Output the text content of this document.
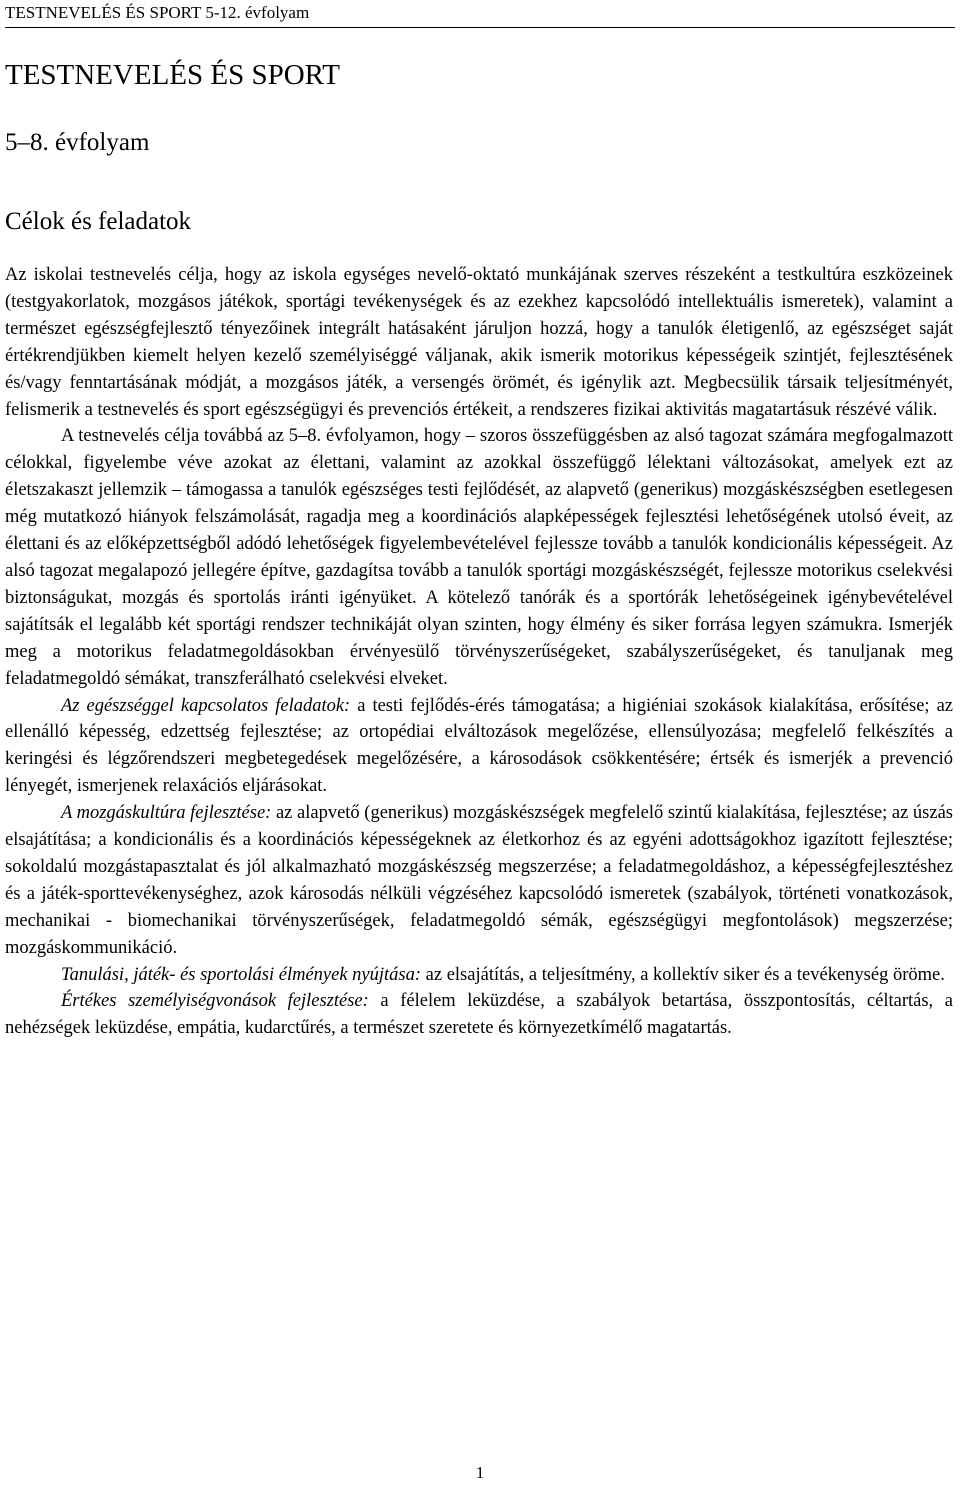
TESTNEVELÉS ÉS SPORT 5-12. évfolyam
TESTNEVELÉS ÉS SPORT
5–8. évfolyam
Célok és feladatok

Az iskolai testnevelés célja, hogy az iskola egységes nevelő-oktató munkájának szerves részeként a testkultúra eszközeinek (testgyakorlatok, mozgásos játékok, sportági tevékenységek és az ezekhez kapcsolódó intellektuális ismeretek), valamint a természet egészségfejlesztő tényezőinek integrált hatásaként járuljon hozzá, hogy a tanulók életigenlő, az egészséget saját értékrendjükben kiemelt helyen kezelő személyiséggé váljanak, akik ismerik motorikus képességeik szintjét, fejlesztésének és/vagy fenntartásának módját, a mozgásos játék, a versengés örömét, és igénylik azt. Megbecsülik társaik teljesítményét, felismerik a testnevelés és sport egészségügyi és prevenciós értékeit, a rendszeres fizikai aktivitás magatartásuk részévé válik.

A testnevelés célja továbbá az 5–8. évfolyamon, hogy – szoros összefüggésben az alsó tagozat számára megfogalmazott célokkal, figyelembe véve azokat az élettani, valamint az azokkal összefüggő lélektani változásokat, amelyek ezt az életszakaszt jellemzik – támogassa a tanulók egészséges testi fejlődését, az alapvető (generikus) mozgáskészségben esetlegesen még mutatkozó hiányok felszámolását, ragadja meg a koordinációs alapképességek fejlesztési lehetőségének utolsó éveit, az élettani és az előképzettségből adódó lehetőségek figyelembevételével fejlessze tovább a tanulók kondicionális képességeit. Az alsó tagozat megalapozó jellegére építve, gazdagítsa tovább a tanulók sportági mozgáskészségét, fejlessze motorikus cselekvési biztonságukat, mozgás és sportolás iránti igényüket. A kötelező tanórák és a sportórák lehetőségeinek igénybevételével sajátítsák el legalább két sportági rendszer technikáját olyan szinten, hogy élmény és siker forrása legyen számukra. Ismerjék meg a motorikus feladatmegoldásokban érvényesülő törvényszerűségeket, szabályszerűségeket, és tanuljanak meg feladatmegoldó sémákat, transzferálható cselekvési elveket.

Az egészséggel kapcsolatos feladatok: a testi fejlődés-érés támogatása; a higiéniai szokások kialakítása, erősítése; az ellenálló képesség, edzettség fejlesztése; az ortopédiai elváltozások megelőzése, ellensúlyozása; megfelelő felkészítés a keringési és légzőrendszeri megbetegedések megelőzésére, a károsodások csökkentésére; értsék és ismerjék a prevenció lényegét, ismerjenek relaxációs eljárásokat.

A mozgáskultúra fejlesztése: az alapvető (generikus) mozgáskészségek megfelelő szintű kialakítása, fejlesztése; az úszás elsajátítása; a kondicionális és a koordinációs képességeknek az életkorhoz és az egyéni adottságokhoz igazított fejlesztése; sokoldalú mozgástapasztalat és jól alkalmazható mozgáskészség megszerzése; a feladatmegoldáshoz, a képességfejlesztéshez és a játék-sporttevékenységhez, azok károsodás nélküli végzéséhez kapcsolódó ismeretek (szabályok, történeti vonatkozások, mechanikai - biomechanikai törvényszerűségek, feladatmegoldó sémák, egészségügyi megfontolások) megszerzése; mozgáskommunikáció.

Tanulási, játék- és sportolási élmények nyújtása: az elsajátítás, a teljesítmény, a kollektív siker és a tevékenység öröme.

Értékes személyiségvonások fejlesztése: a félelem leküzdése, a szabályok betartása, összpontosítás, céltartás, a nehézségek leküzdése, empátia, kudarctűrés, a természet szeretete és környezetkímélő magatartás.

1
